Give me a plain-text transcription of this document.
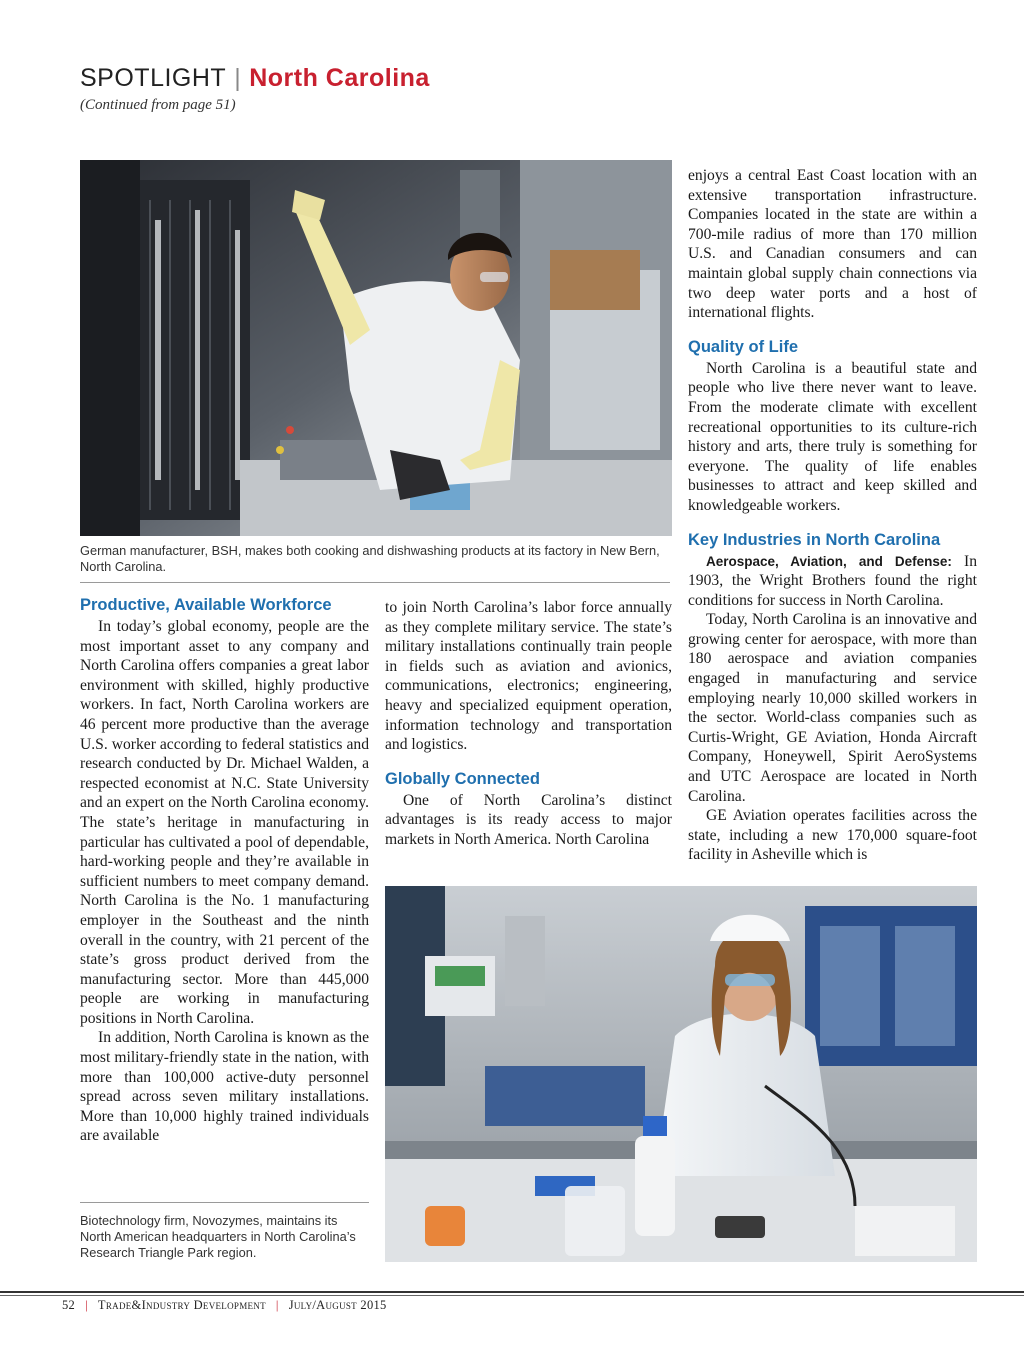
SPOTLIGHT | North Carolina
(Continued from page 51)
German manufacturer, BSH, makes both cooking and dishwashing products at its factory in New Bern, North Carolina.
Productive, Available Workforce

In today’s global economy, people are the most important asset to any company and North Carolina offers companies a great labor environment with skilled, highly productive workers. In fact, North Carolina workers are 46 percent more productive than the average U.S. worker according to federal statistics and research conducted by Dr. Michael Walden, a respected economist at N.C. State University and an expert on the North Carolina economy. The state’s heritage in manufacturing in particular has cultivated a pool of dependable, hard-working people and they’re available in sufficient numbers to meet company demand. North Carolina is the No. 1 manufacturing employer in the Southeast and the ninth overall in the country, with 21 percent of the state’s gross product derived from the manufacturing sector. More than 445,000 people are working in manufacturing positions in North Carolina.

In addition, North Carolina is known as the most military-friendly state in the nation, with more than 100,000 active-duty personnel spread across seven military installations. More than 10,000 highly trained individuals are available

to join North Carolina’s labor force annually as they complete military service. The state’s military installations continually train people in fields such as aviation and avionics, communications, electronics; engineering, heavy and specialized equipment operation, information technology and transportation and logistics.

Globally Connected

One of North Carolina’s distinct advantages is its ready access to major markets in North America. North Carolina

enjoys a central East Coast location with an extensive transportation infrastructure. Companies located in the state are within a 700-mile radius of more than 170 million U.S. and Canadian consumers and can maintain global supply chain connections via two deep water ports and a host of international flights.

Quality of Life

North Carolina is a beautiful state and people who live there never want to leave. From the moderate climate with excellent recreational opportunities to its culture-rich history and arts, there truly is something for everyone. The quality of life enables businesses to attract and keep skilled and knowledgeable workers.

Key Industries in North Carolina

Aerospace, Aviation, and Defense: In 1903, the Wright Brothers found the right conditions for success in North Carolina.

Today, North Carolina is an innovative and growing center for aerospace, with more than 180 aerospace and aviation companies engaged in manufacturing and service employing nearly 10,000 skilled workers in the sector. World-class companies such as Curtis-Wright, GE Aviation, Honda Aircraft Company, Honeywell, Spirit AeroSystems and UTC Aerospace are located in North Carolina.

GE Aviation operates facilities across the state, including a new 170,000 square-foot facility in Asheville which is

Biotechnology firm, Novozymes, maintains its North American headquarters in North Carolina’s Research Triangle Park region.
52 | Trade&Industry Development | July/August 2015
